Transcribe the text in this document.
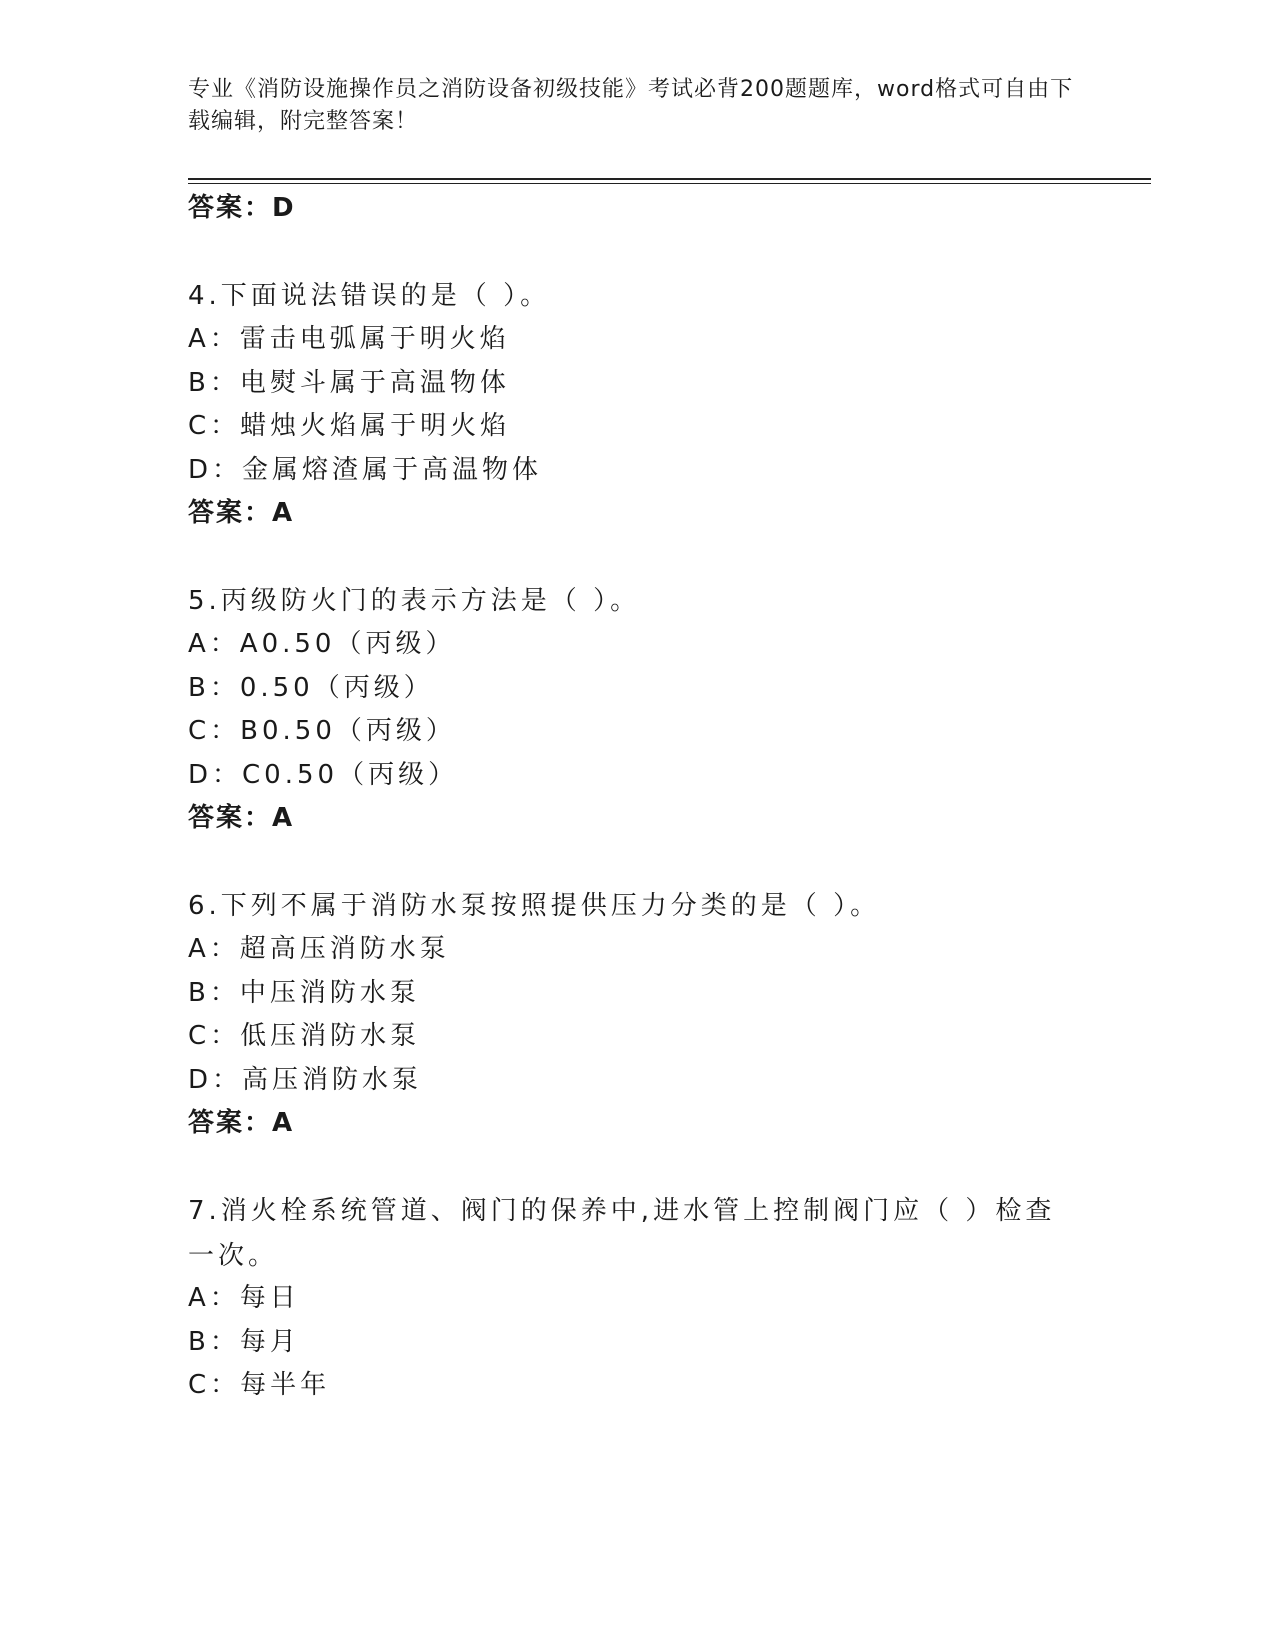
专业《消防设施操作员之消防设备初级技能》考试必背200题题库，word格式可自由下载编辑，附完整答案！
答案：D
4.下面说法错误的是（ ）。
A：雷击电弧属于明火焰
B：电熨斗属于高温物体
C：蜡烛火焰属于明火焰
D：金属熔渣属于高温物体
答案：A
5.丙级防火门的表示方法是（ ）。
A：A0.50（丙级）
B：0.50（丙级）
C：B0.50（丙级）
D：C0.50（丙级）
答案：A
6.下列不属于消防水泵按照提供压力分类的是（ ）。
A：超高压消防水泵
B：中压消防水泵
C：低压消防水泵
D：高压消防水泵
答案：A
7.消火栓系统管道、阀门的保养中,进水管上控制阀门应（ ）检查一次。
A：每日
B：每月
C：每半年
